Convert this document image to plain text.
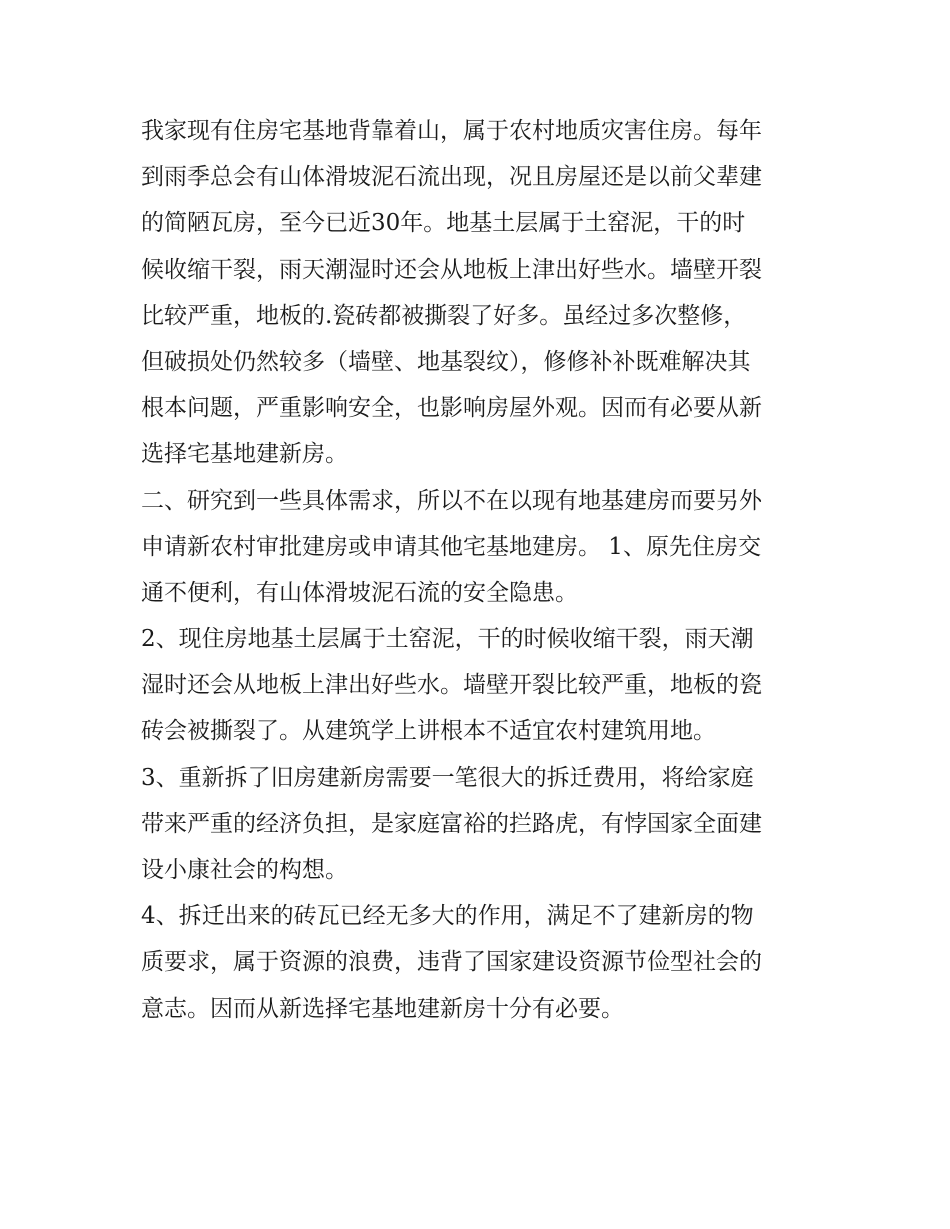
我家现有住房宅基地背靠着山，属于农村地质灾害住房。每年
到雨季总会有山体滑坡泥石流出现，况且房屋还是以前父辈建
的简陋瓦房，至今已近30年。地基土层属于土窑泥，干的时
候收缩干裂，雨天潮湿时还会从地板上津出好些水。墙壁开裂
比较严重，地板的.瓷砖都被撕裂了好多。虽经过多次整修，
但破损处仍然较多（墙壁、地基裂纹），修修补补既难解决其
根本问题，严重影响安全，也影响房屋外观。因而有必要从新
选择宅基地建新房。
二、研究到一些具体需求，所以不在以现有地基建房而要另外
申请新农村审批建房或申请其他宅基地建房。 1、原先住房交
通不便利，有山体滑坡泥石流的安全隐患。
2、现住房地基土层属于土窑泥，干的时候收缩干裂，雨天潮
湿时还会从地板上津出好些水。墙壁开裂比较严重，地板的瓷
砖会被撕裂了。从建筑学上讲根本不适宜农村建筑用地。
3、重新拆了旧房建新房需要一笔很大的拆迁费用，将给家庭
带来严重的经济负担，是家庭富裕的拦路虎，有悖国家全面建
设小康社会的构想。
4、拆迁出来的砖瓦已经无多大的作用，满足不了建新房的物
质要求，属于资源的浪费，违背了国家建设资源节俭型社会的
意志。因而从新选择宅基地建新房十分有必要。
